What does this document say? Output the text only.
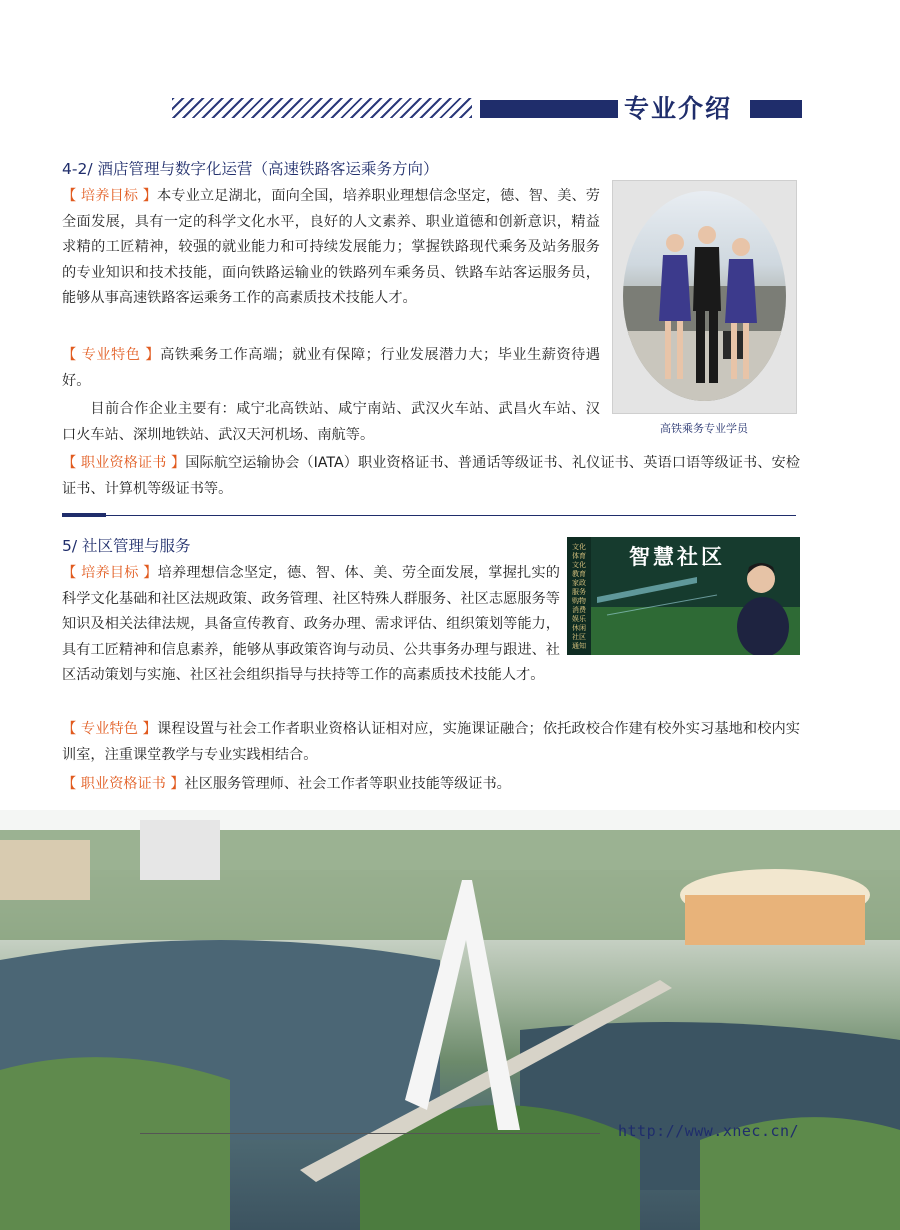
专业介绍
4-2/ 酒店管理与数字化运营（高速铁路客运乘务方向）

【 培养目标 】本专业立足湖北，面向全国，培养职业理想信念坚定，德、智、美、劳全面发展，具有一定的科学文化水平，良好的人文素养、职业道德和创新意识，精益求精的工匠精神，较强的就业能力和可持续发展能力；掌握铁路现代乘务及站务服务的专业知识和技术技能，面向铁路运输业的铁路列车乘务员、铁路车站客运服务员，能够从事高速铁路客运乘务工作的高素质技术技能人才。

【 专业特色 】高铁乘务工作高端；就业有保障；行业发展潜力大；毕业生薪资待遇好。

目前合作企业主要有：咸宁北高铁站、咸宁南站、武汉火车站、武昌火车站、汉口火车站、深圳地铁站、武汉天河机场、南航等。

【 职业资格证书 】国际航空运输协会（IATA）职业资格证书、普通话等级证书、礼仪证书、英语口语等级证书、安检证书、计算机等级证书等。

高铁乘务专业学员
5/ 社区管理与服务

【 培养目标 】培养理想信念坚定，德、智、体、美、劳全面发展，掌握扎实的科学文化基础和社区法规政策、政务管理、社区特殊人群服务、社区志愿服务等知识及相关法律法规，具备宣传教育、政务办理、需求评估、组织策划等能力，具有工匠精神和信息素养，能够从事政策咨询与动员、公共事务办理与跟进、社区活动策划与实施、社区社会组织指导与扶持等工作的高素质技术技能人才。

【 专业特色 】课程设置与社会工作者职业资格认证相对应，实施课证融合；依托政校合作建有校外实习基地和校内实训室，注重课堂教学与专业实践相结合。

【 职业资格证书 】社区服务管理师、社会工作者等职业技能等级证书。

智慧社区
文化体育
文化教育
家政服务
购物消费
娱乐休闲
社区通知
http://www.xnec.cn/
